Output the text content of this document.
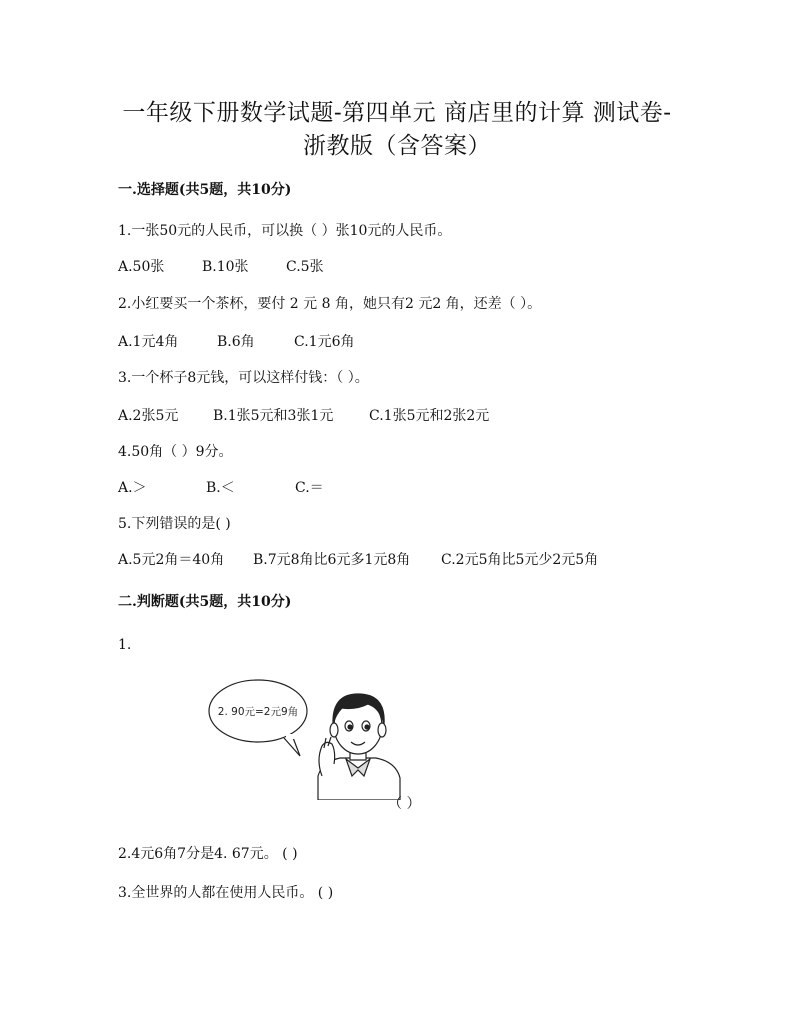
一年级下册数学试题-第四单元 商店里的计算 测试卷-
浙教版（含答案）
一.选择题(共5题，共10分)
1.一张50元的人民币，可以换（ ）张10元的人民币。
A.50张	B.10张	C.5张
2.小红要买一个茶杯，要付 2 元 8 角，她只有2 元2 角，还差（ ）。
A.1元4角	B.6角	C.1元6角
3.一个杯子8元钱，可以这样付钱：（ ）。
A.2张5元 B.1张5元和3张1元	C.1张5元和2张2元
4.50角（ ）9分。
A.＞	B.＜	C.＝
5.下列错误的是( )
A.5元2角＝40角 B.7元8角比6元多1元8角 C.2元5角比5元少2元5角
二.判断题(共5题，共10分)
1.
2. 90元=2元9角
（ ）
2.4元6角7分是4. 67元。 ( )
3.全世界的人都在使用人民币。 ( )
